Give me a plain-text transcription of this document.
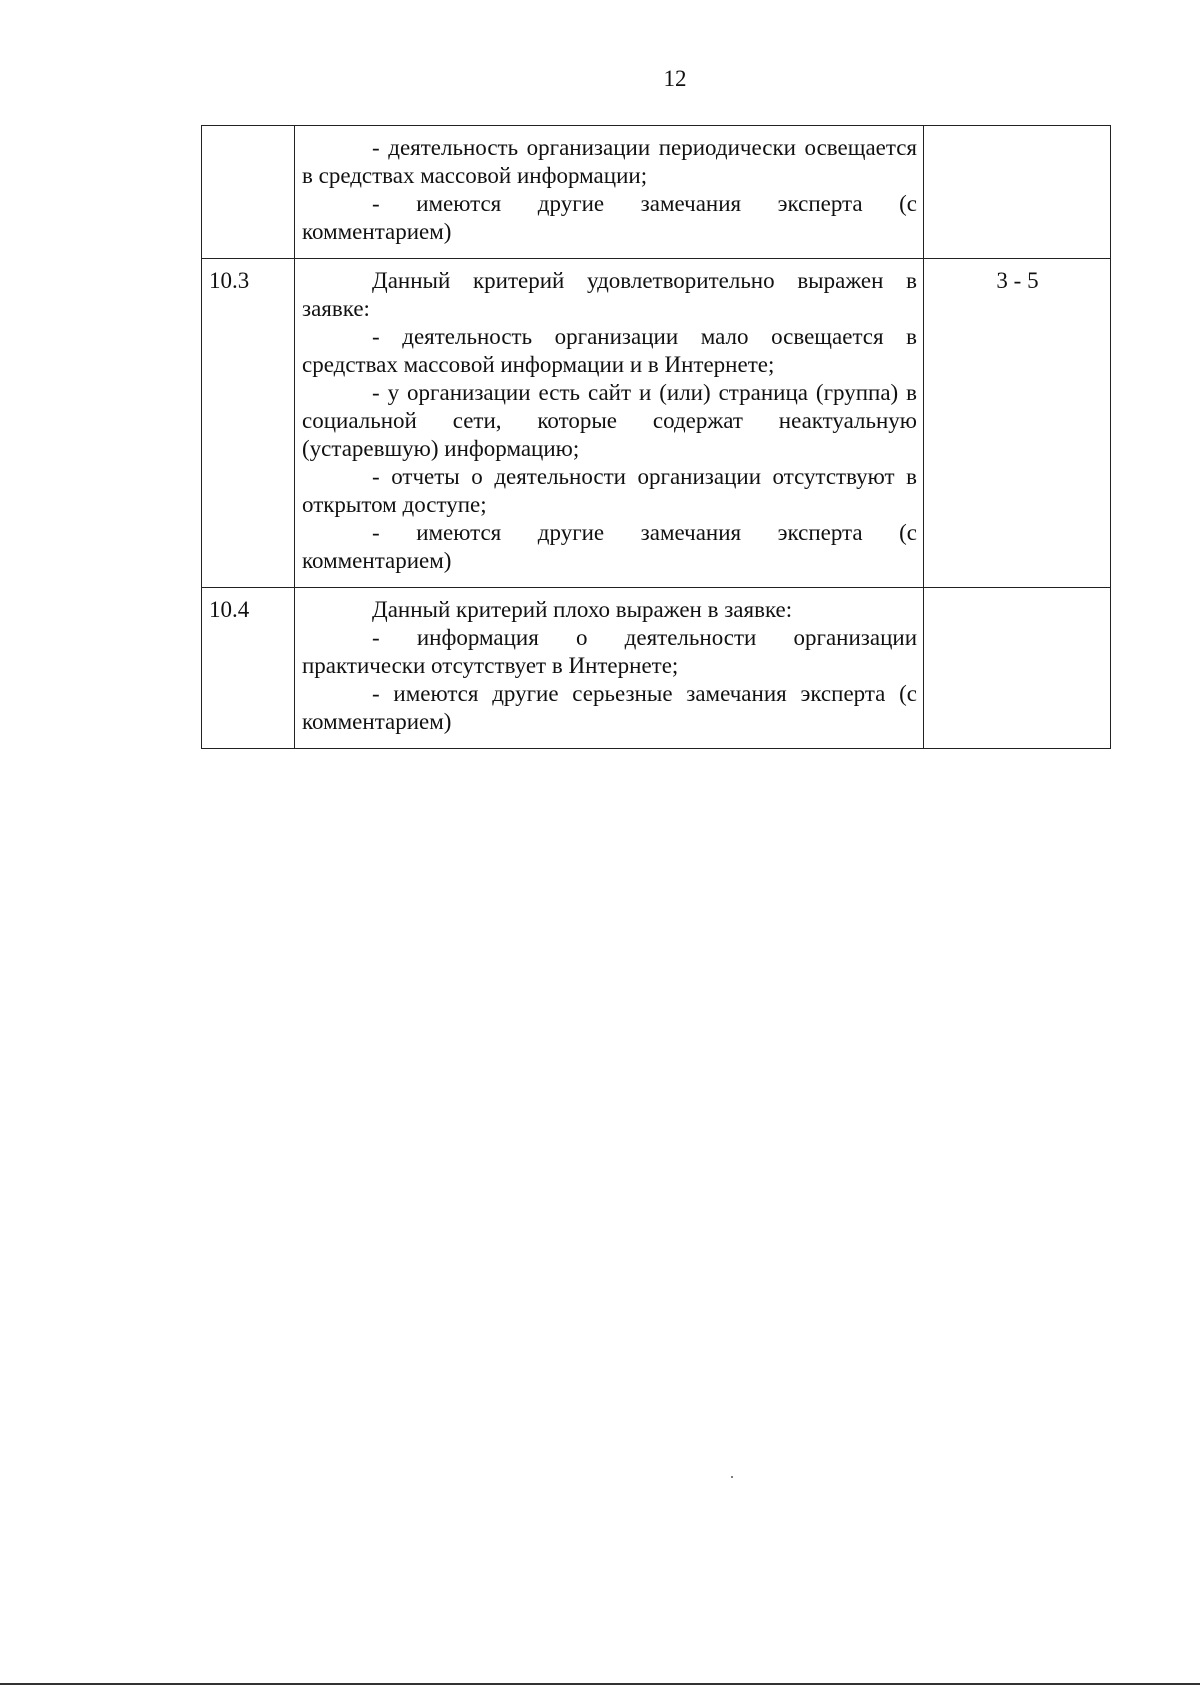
12

	- деятельность организации периодически освещается в средствах массовой информации;

- имеются другие замечания эксперта (с комментарием)	

10.3	Данный критерий удовлетворительно выражен в заявке:

- деятельность организации мало освещается в средствах массовой информации и в Интернете;

- у организации есть сайт и (или) страница (группа) в социальной сети, которые содержат неактуальную (устаревшую) информацию;

- отчеты о деятельности организации отсутствуют в открытом доступе;

- имеются другие замечания эксперта (с комментарием)	3 - 5
10.4	Данный критерий плохо выражен в заявке:

- информация о деятельности организации практически отсутствует в Интернете;

- имеются другие серьезные замечания эксперта (с комментарием)	
